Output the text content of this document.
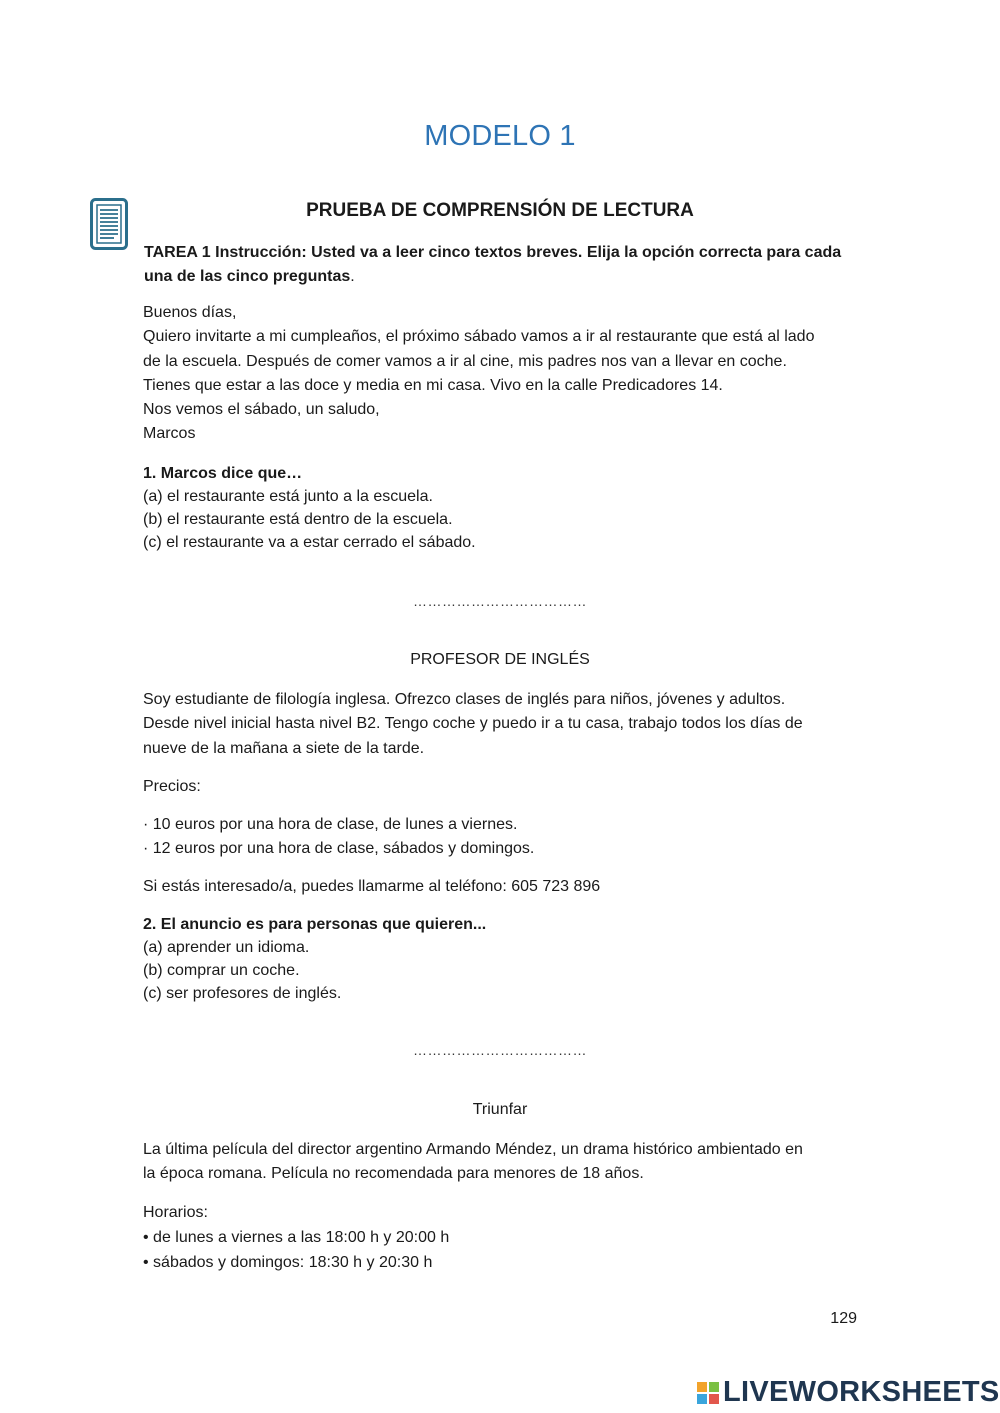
MODELO 1
PRUEBA DE COMPRENSIÓN DE LECTURA
TAREA 1 Instrucción: Usted va a leer cinco textos breves. Elija la opción correcta para cada
una de las cinco preguntas.
Buenos días,
Quiero invitarte a mi cumpleaños, el próximo sábado vamos a ir al restaurante que está al lado
de la escuela. Después de comer vamos a ir al cine, mis padres nos van a llevar en coche.
Tienes que estar a las doce y media en mi casa. Vivo en la calle Predicadores 14.
Nos vemos el sábado, un saludo,
Marcos
1. Marcos dice que…
(a) el restaurante está junto a la escuela.
(b) el restaurante está dentro de la escuela.
(c) el restaurante va a estar cerrado el sábado.
………………………………
PROFESOR DE INGLÉS
Soy estudiante de filología inglesa. Ofrezco clases de inglés para niños, jóvenes y adultos.
Desde nivel inicial hasta nivel B2. Tengo coche y puedo ir a tu casa, trabajo todos los días de
nueve de la mañana a siete de la tarde.
Precios:
· 10 euros por una hora de clase, de lunes a viernes.
· 12 euros por una hora de clase, sábados y domingos.
Si estás interesado/a, puedes llamarme al teléfono: 605 723 896
2. El anuncio es para personas que quieren...
(a) aprender un idioma.
(b) comprar un coche.
(c) ser profesores de inglés.
………………………………
Triunfar
La última película del director argentino Armando Méndez, un drama histórico ambientado en
la época romana. Película no recomendada para menores de 18 años.
Horarios:
• de lunes a viernes a las 18:00 h y 20:00 h
• sábados y domingos: 18:30 h y 20:30 h
129
LIVEWORKSHEETS
